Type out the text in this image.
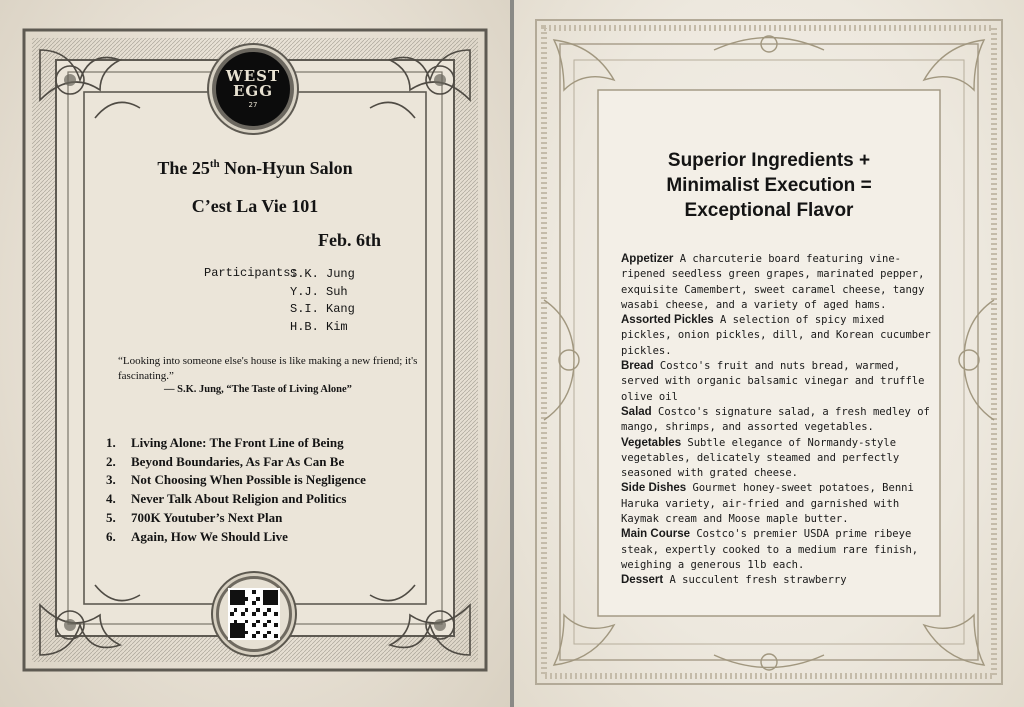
WEST
EGG
27
The 25th Non-Hyun Salon
C’est La Vie 101
Feb. 6th
Participants:
S.K. Jung
Y.J. Suh
S.I. Kang
H.B. Kim
“Looking into someone else's house is like making a new friend; it's fascinating.”
— S.K. Jung, “The Taste of Living Alone”
1.	Living Alone: The Front Line of Being
2.	Beyond Boundaries, As Far As Can Be
3.	Not Choosing When Possible is Negligence
4.	Never Talk About Religion and Politics
5.	700K Youtuber’s Next Plan
6.	Again, How We Should Live
Superior Ingredients +
Minimalist Execution =
Exceptional Flavor

Appetizer A charcuterie board featuring vine-ripened seedless green grapes, marinated pepper, exquisite Camembert, sweet caramel cheese, tangy wasabi cheese, and a variety of aged hams.

Assorted Pickles A selection of spicy mixed pickles, onion pickles, dill, and Korean cucumber pickles.

Bread Costco's fruit and nuts bread, warmed, served with organic balsamic vinegar and truffle olive oil

Salad Costco's signature salad, a fresh medley of mango, shrimps, and assorted vegetables.

Vegetables Subtle elegance of Normandy-style vegetables, delicately steamed and perfectly seasoned with grated cheese.

Side Dishes Gourmet honey-sweet potatoes, Benni Haruka variety, air-fried and garnished with Kaymak cream and Moose maple butter.

Main Course Costco's premier USDA prime ribeye steak, expertly cooked to a medium rare finish, weighing a generous 1lb each.

Dessert A succulent fresh strawberry
